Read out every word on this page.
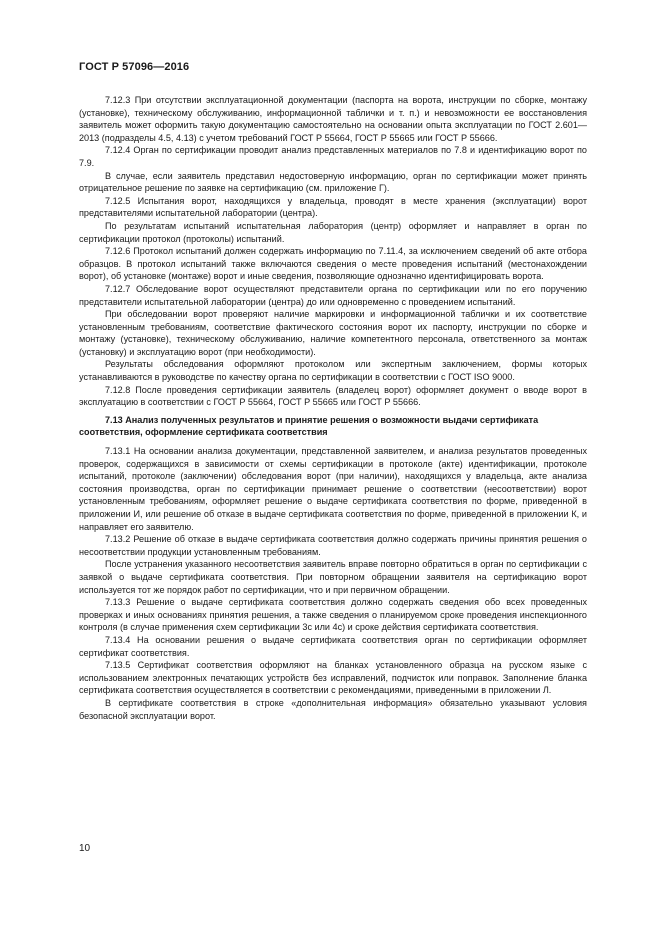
ГОСТ Р 57096—2016

7.12.3 При отсутствии эксплуатационной документации (паспорта на ворота, инструкции по сборке, монтажу (установке), техническому обслуживанию, информационной таблички и т. п.) и невозможности ее восстановления заявитель может оформить такую документацию самостоятельно на основании опыта эксплуатации по ГОСТ 2.601—2013 (подразделы 4.5, 4.13) с учетом требований ГОСТ Р 55664, ГОСТ Р 55665 или ГОСТ Р 55666.

7.12.4 Орган по сертификации проводит анализ представленных материалов по 7.8 и идентификацию ворот по 7.9.

В случае, если заявитель представил недостоверную информацию, орган по сертификации может принять отрицательное решение по заявке на сертификацию (см. приложение Г).

7.12.5 Испытания ворот, находящихся у владельца, проводят в месте хранения (эксплуатации) ворот представителями испытательной лаборатории (центра).

По результатам испытаний испытательная лаборатория (центр) оформляет и направляет в орган по сертификации протокол (протоколы) испытаний.

7.12.6 Протокол испытаний должен содержать информацию по 7.11.4, за исключением сведений об акте отбора образцов. В протокол испытаний также включаются сведения о месте проведения испытаний (местонахождении ворот), об установке (монтаже) ворот и иные сведения, позволяющие однозначно идентифицировать ворота.

7.12.7 Обследование ворот осуществляют представители органа по сертификации или по его поручению представители испытательной лаборатории (центра) до или одновременно с проведением испытаний.

При обследовании ворот проверяют наличие маркировки и информационной таблички и их соответствие установленным требованиям, соответствие фактического состояния ворот их паспорту, инструкции по сборке и монтажу (установке), техническому обслуживанию, наличие компетентного персонала, ответственного за монтаж (установку) и эксплуатацию ворот (при необходимости).

Результаты обследования оформляют протоколом или экспертным заключением, формы которых устанавливаются в руководстве по качеству органа по сертификации в соответствии с ГОСТ ISO 9000.

7.12.8 После проведения сертификации заявитель (владелец ворот) оформляет документ о вводе ворот в эксплуатацию в соответствии с ГОСТ Р 55664, ГОСТ Р 55665 или ГОСТ Р 55666.

7.13 Анализ полученных результатов и принятие решения о возможности выдачи сертификата соответствия, оформление сертификата соответствия

7.13.1 На основании анализа документации, представленной заявителем, и анализа результатов проведенных проверок, содержащихся в зависимости от схемы сертификации в протоколе (акте) идентификации, протоколе испытаний, протоколе (заключении) обследования ворот (при наличии), находящихся у владельца, акте анализа состояния производства, орган по сертификации принимает решение о соответствии (несоответствии) ворот установленным требованиям, оформляет решение о выдаче сертификата соответствия по форме, приведенной в приложении И, или решение об отказе в выдаче сертификата соответствия по форме, приведенной в приложении К, и направляет его заявителю.

7.13.2 Решение об отказе в выдаче сертификата соответствия должно содержать причины принятия решения о несоответствии продукции установленным требованиям.

После устранения указанного несоответствия заявитель вправе повторно обратиться в орган по сертификации с заявкой о выдаче сертификата соответствия. При повторном обращении заявителя на сертификацию ворот используется тот же порядок работ по сертификации, что и при первичном обращении.

7.13.3 Решение о выдаче сертификата соответствия должно содержать сведения обо всех проведенных проверках и иных основаниях принятия решения, а также сведения о планируемом сроке проведения инспекционного контроля (в случае применения схем сертификации 3с или 4с) и сроке действия сертификата соответствия.

7.13.4 На основании решения о выдаче сертификата соответствия орган по сертификации оформляет сертификат соответствия.

7.13.5 Сертификат соответствия оформляют на бланках установленного образца на русском языке с использованием электронных печатающих устройств без исправлений, подчисток или поправок. Заполнение бланка сертификата соответствия осуществляется в соответствии с рекомендациями, приведенными в приложении Л.

В сертификате соответствия в строке «дополнительная информация» обязательно указывают условия безопасной эксплуатации ворот.

10
